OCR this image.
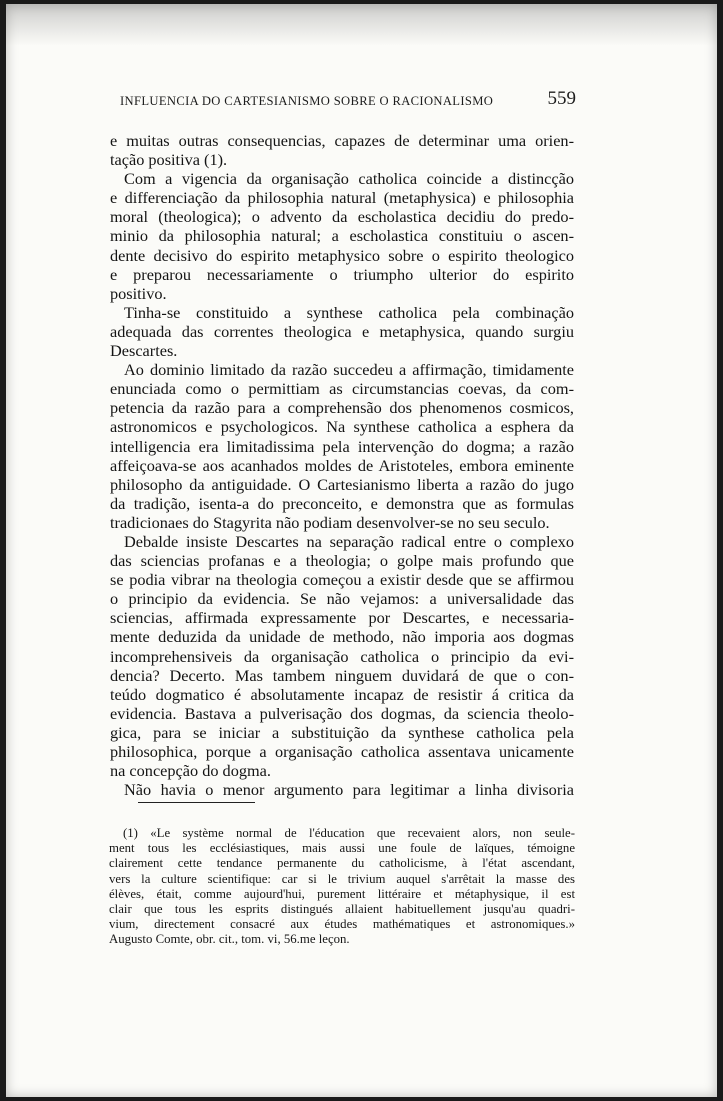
INFLUENCIA DO CARTESIANISMO SOBRE O RACIONALISMO	559
e muitas outras consequencias, capazes de determinar uma orien-
tação positiva (1).
Com a vigencia da organisação catholica coincide a distincção
e differenciação da philosophia natural (metaphysica) e philosophia
moral (theologica); o advento da escholastica decidiu do predo-
minio da philosophia natural; a escholastica constituiu o ascen-
dente decisivo do espirito metaphysico sobre o espirito theologico
e preparou necessariamente o triumpho ulterior do espirito
positivo.
Tinha-se constituido a synthese catholica pela combinação
adequada das correntes theologica e metaphysica, quando surgiu
Descartes.
Ao dominio limitado da razão succedeu a affirmação, timidamente
enunciada como o permittiam as circumstancias coevas, da com-
petencia da razão para a comprehensão dos phenomenos cosmicos,
astronomicos e psychologicos. Na synthese catholica a esphera da
intelligencia era limitadissima pela intervenção do dogma; a razão
affeiçoava-se aos acanhados moldes de Aristoteles, embora eminente
philosopho da antiguidade. O Cartesianismo liberta a razão do jugo
da tradição, isenta-a do preconceito, e demonstra que as formulas
tradicionaes do Stagyrita não podiam desenvolver-se no seu seculo.
Debalde insiste Descartes na separação radical entre o complexo
das sciencias profanas e a theologia; o golpe mais profundo que
se podia vibrar na theologia começou a existir desde que se affirmou
o principio da evidencia. Se não vejamos: a universalidade das
sciencias, affirmada expressamente por Descartes, e necessaria-
mente deduzida da unidade de methodo, não imporia aos dogmas
incomprehensiveis da organisação catholica o principio da evi-
dencia? Decerto. Mas tambem ninguem duvidará de que o con-
teúdo dogmatico é absolutamente incapaz de resistir á critica da
evidencia. Bastava a pulverisação dos dogmas, da sciencia theolo-
gica, para se iniciar a substituição da synthese catholica pela
philosophica, porque a organisação catholica assentava unicamente
na concepção do dogma.
Não havia o menor argumento para legitimar a linha divisoria
(1) «Le système normal de l'éducation que recevaient alors, non seule-
ment tous les ecclésiastiques, mais aussi une foule de laïques, témoigne
clairement cette tendance permanente du catholicisme, à l'état ascendant,
vers la culture scientifique: car si le trivium auquel s'arrêtait la masse des
élèves, était, comme aujourd'hui, purement littéraire et métaphysique, il est
clair que tous les esprits distingués allaient habituellement jusqu'au quadri-
vium, directement consacré aux études mathématiques et astronomiques.»
Augusto Comte, obr. cit., tom. vi, 56.me leçon.
